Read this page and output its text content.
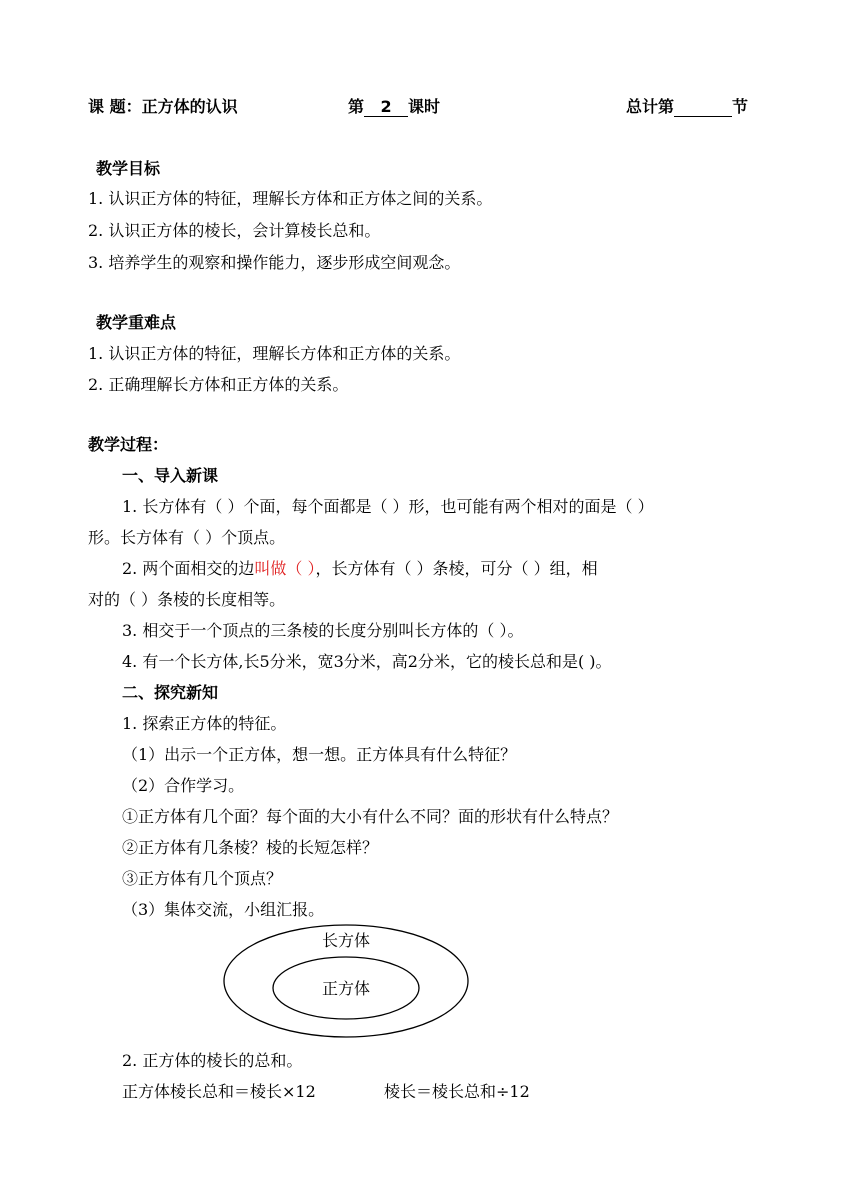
课 题：正方体的认识	第 2 课时	总计第	节
教学目标
1. 认识正方体的特征，理解长方体和正方体之间的关系。
2. 认识正方体的棱长，会计算棱长总和。
3. 培养学生的观察和操作能力，逐步形成空间观念。
教学重难点
1. 认识正方体的特征，理解长方体和正方体的关系。
2. 正确理解长方体和正方体的关系。
教学过程：
一、导入新课
1. 长方体有（ ）个面，每个面都是（ ）形，也可能有两个相对的面是（ ）
形。长方体有（ ）个顶点。
2. 两个面相交的边叫做（ ），长方体有（ ）条棱，可分（ ）组，相
对的（ ）条棱的长度相等。
3. 相交于一个顶点的三条棱的长度分别叫长方体的（ ）。
4. 有一个长方体,长5分米，宽3分米，高2分米，它的棱长总和是( )。
二、探究新知
1. 探索正方体的特征。
（1）出示一个正方体，想一想。正方体具有什么特征？
（2）合作学习。
①正方体有几个面？每个面的大小有什么不同？面的形状有什么特点？
②正方体有几条棱？棱的长短怎样？
③正方体有几个顶点？
（3）集体交流，小组汇报。
长方体
正方体
2. 正方体的棱长的总和。
正方体棱长总和＝棱长×12	棱长＝棱长总和÷12
